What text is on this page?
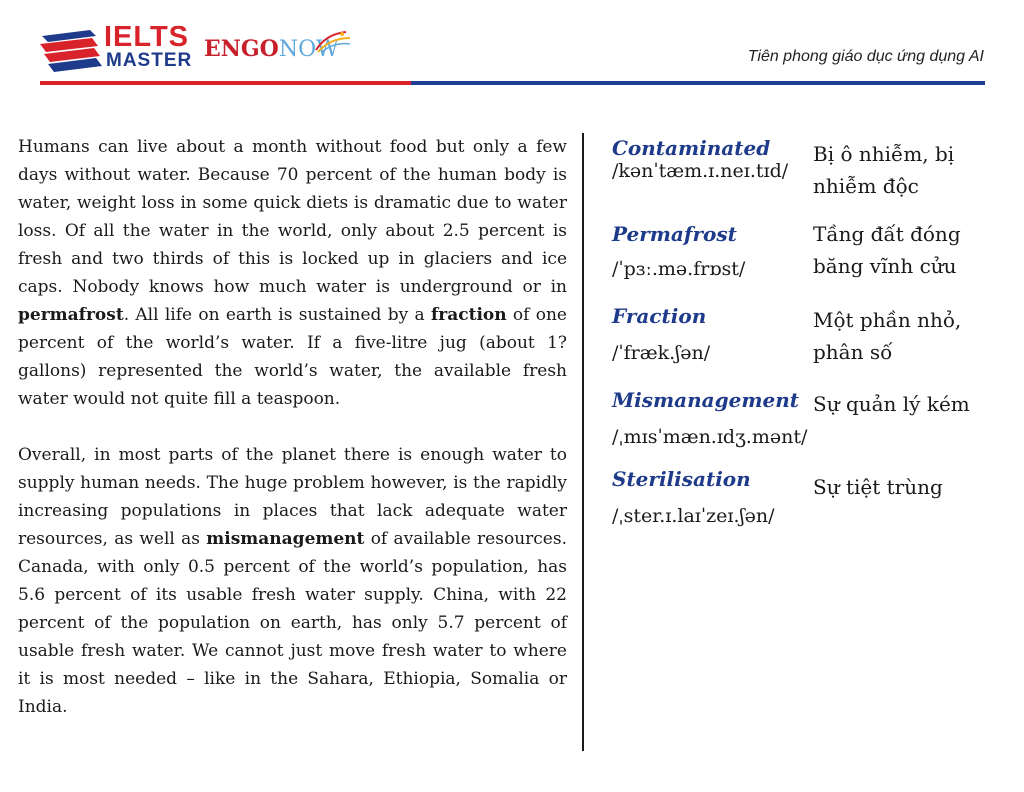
IELTS
MASTER ENGONOW	Tiên phong giáo dục ứng dụng AI

Humans can live about a month without food but only a few days without water. Because 70 percent of the human body is water, weight loss in some quick diets is dramatic due to water loss. Of all the water in the world, only about 2.5 percent is fresh and two thirds of this is locked up in glaciers and ice caps. Nobody knows how much water is underground or in permafrost. All life on earth is sustained by a fraction of one percent of the world’s water. If a five-litre jug (about 1? gallons) represented the world’s water, the available fresh water would not quite fill a teaspoon.

Overall, in most parts of the planet there is enough water to supply human needs. The huge problem however, is the rapidly increasing populations in places that lack adequate water resources, as well as mismanagement of available resources. Canada, with only 0.5 percent of the world’s population, has 5.6 percent of its usable fresh water supply. China, with 22 percent of the population on earth, has only 5.7 percent of usable fresh water. We cannot just move fresh water to where it is most needed – like in the Sahara, Ethiopia, Somalia or India.

Contaminated
/kənˈtæm.ɪ.neɪ.tɪd/
Bị ô nhiễm, bị nhiễm độc
Permafrost
/ˈpɜː.mə.frɒst/
Tầng đất đóng băng vĩnh cửu
Fraction
/ˈfræk.ʃən/
Một phần nhỏ, phân số
Mismanagement
/ˌmɪsˈmæn.ɪdʒ.mənt/
Sự quản lý kém
Sterilisation
/ˌster.ɪ.laɪˈzeɪ.ʃən/
Sự tiệt trùng
